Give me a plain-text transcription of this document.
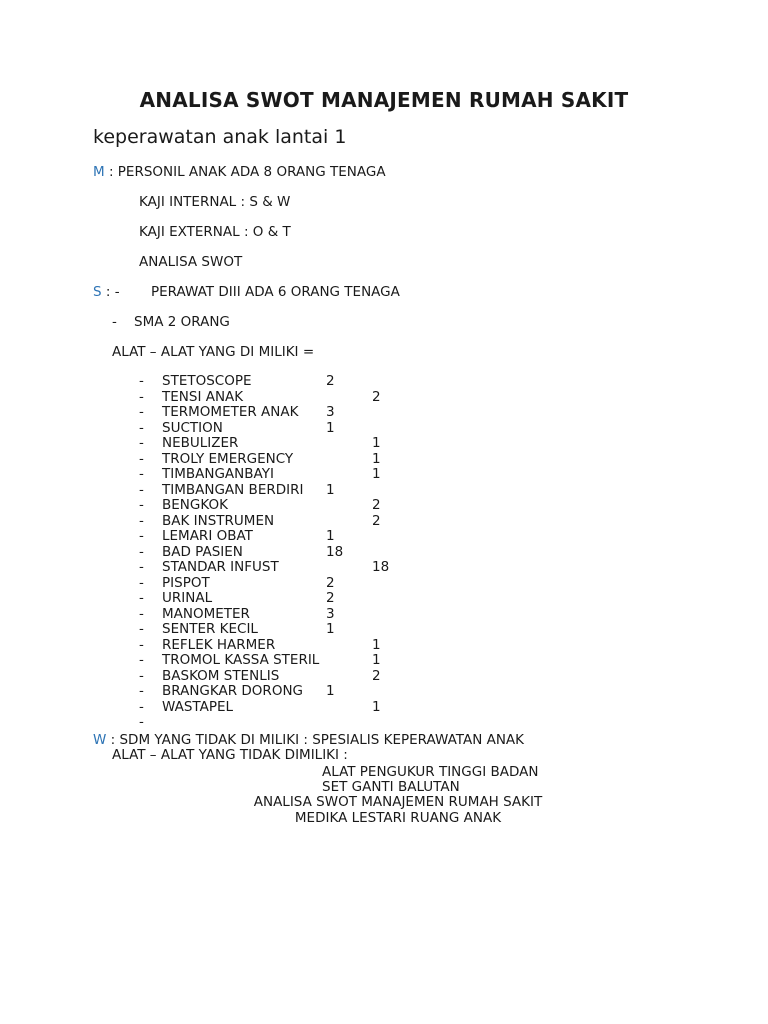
ANALISA SWOT MANAJEMEN RUMAH SAKIT
keperawatan anak lantai 1
M : PERSONIL ANAK ADA 8 ORANG TENAGA
KAJI INTERNAL : S & W
KAJI EXTERNAL : O & T
ANALISA SWOT
S : - PERAWAT DIII ADA 6 ORANG TENAGA
- SMA 2 ORANG
ALAT – ALAT YANG DI MILIKI =
- STETOSCOPE	2
- TENSI ANAK	2
- TERMOMETER ANAK 3
- SUCTION	1
- NEBULIZER	1
- TROLY EMERGENCY	1
- TIMBANGANBAYI	1
- TIMBANGAN BERDIRI 1
- BENGKOK	2
- BAK INSTRUMEN	2
- LEMARI OBAT	1
- BAD PASIEN	18
- STANDAR INFUST	18
- PISPOT	2
- URINAL	2
- MANOMETER	3
- SENTER KECIL	1
- REFLEK HARMER	1
- TROMOL KASSA STERIL	1
- BASKOM STENLIS	2
- BRANGKAR DORONG 1
- WASTAPEL	1
-
W : SDM YANG TIDAK DI MILIKI : SPESIALIS KEPERAWATAN ANAK
ALAT – ALAT YANG TIDAK DIMILIKI :
ALAT PENGUKUR TINGGI BADAN
SET GANTI BALUTAN
ANALISA SWOT MANAJEMEN RUMAH SAKIT
MEDIKA LESTARI RUANG ANAK
